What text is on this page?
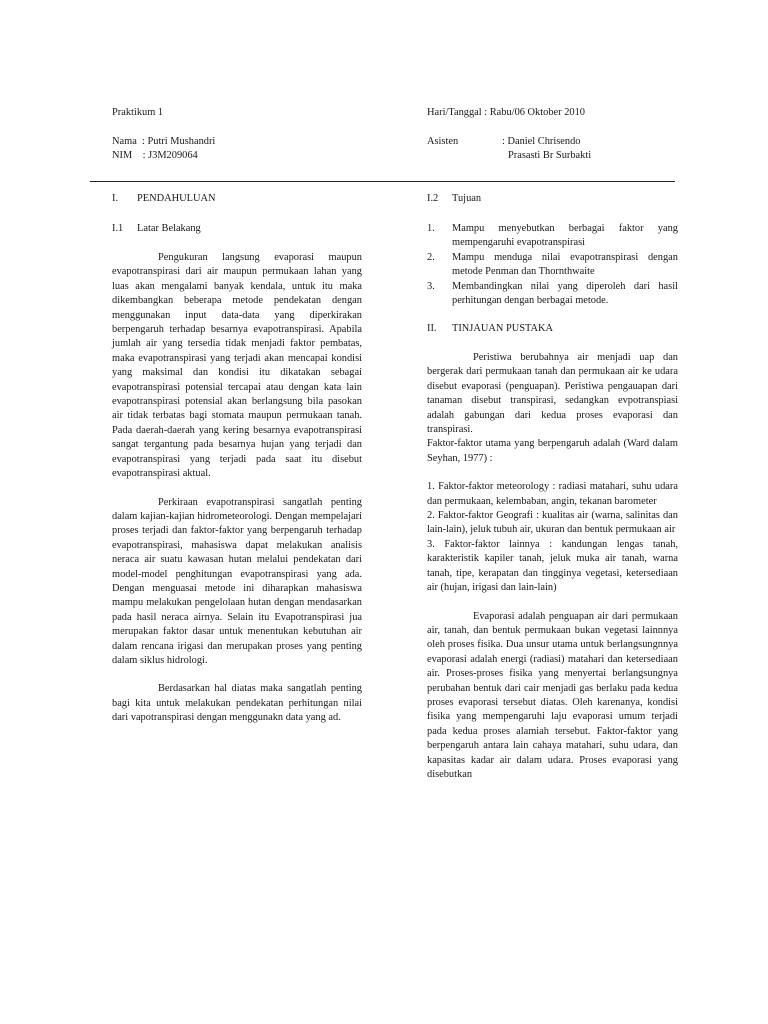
Praktikum 1	Hari/Tanggal : Rabu/06 Oktober 2010
Nama  : Putri Mushandri
NIM    : J3M209064
Asisten	: Daniel Chrisendo
Prasasti Br Surbakti
I. PENDAHULUAN
I.1 Latar Belakang

Pengukuran langsung evaporasi maupun evapotranspirasi dari air maupun permukaan lahan yang luas akan mengalami banyak kendala, untuk itu maka dikembangkan beberapa metode pendekatan dengan menggunakan input data-data yang diperkirakan berpengaruh terhadap besarnya evapotranspirasi. Apabila jumlah air yang tersedia tidak menjadi faktor pembatas, maka evapotranspirasi yang terjadi akan mencapai kondisi yang maksimal dan kondisi itu dikatakan sebagai evapotranspirasi potensial tercapai atau dengan kata lain evapotranspirasi potensial akan berlangsung bila pasokan air tidak terbatas bagi stomata maupun permukaan tanah. Pada daerah-daerah yang kering besarnya evapotranspirasi sangat tergantung pada besarnya hujan yang terjadi dan evapotranspirasi yang terjadi pada saat itu disebut evapotranspirasi aktual.

Perkiraan evapotranspirasi sangatlah penting dalam kajian-kajian hidrometeorologi. Dengan mempelajari proses terjadi dan faktor-faktor yang berpengaruh terhadap evapotranspirasi, mahasiswa dapat melakukan analisis neraca air suatu kawasan hutan melalui pendekatan dari model-model penghitungan evapotranspirasi yang ada. Dengan menguasai metode ini diharapkan mahasiswa mampu melakukan pengelolaan hutan dengan mendasarkan pada hasil neraca airnya. Selain itu Evapotranspirasi jua merupakan faktor dasar untuk menentukan kebutuhan air dalam rencana irigasi dan merupakan proses yang penting dalam siklus hidrologi.

Berdasarkan hal diatas maka sangatlah penting bagi kita untuk melakukan pendekatan perhitungan nilai dari vapotranspirasi dengan menggunakn data yang ad.

I.2 Tujuan
1. Mampu menyebutkan berbagai faktor yang mempengaruhi evapotranspirasi
2. Mampu menduga nilai evapotranspirasi dengan metode Penman dan Thornthwaite
3. Membandingkan nilai yang diperoleh dari hasil perhitungan dengan berbagai metode.
II. TINJAUAN PUSTAKA

Peristiwa berubahnya air menjadi uap dan bergerak dari permukaan tanah dan permukaan air ke udara disebut evaporasi (penguapan). Peristiwa pengauapan dari tanaman disebut transpirasi, sedangkan evpotranspiasi adalah gabungan dari kedua proses evaporasi dan transpirasi.

Faktor-faktor utama yang berpengaruh adalah (Ward dalam Seyhan, 1977) :

1. Faktor-faktor meteorology : radiasi matahari, suhu udara dan permukaan, kelembaban, angin, tekanan barometer

2. Faktor-faktor Geografi : kualitas air (warna, salinitas dan lain-lain), jeluk tubuh air, ukuran dan bentuk permukaan air

3. Faktor-faktor lainnya : kandungan lengas tanah, karakteristik kapiler tanah, jeluk muka air tanah, warna tanah, tipe, kerapatan dan tingginya vegetasi, ketersediaan air (hujan, irigasi dan lain-lain)

Evaporasi adalah penguapan air dari permukaan air, tanah, dan bentuk permukaan bukan vegetasi lainnnya oleh proses fisika. Dua unsur utama untuk berlangsungnnya evaporasi adalah energi (radiasi) matahari dan ketersediaan air. Proses-proses fisika yang menyertai berlangsungnya perubahan bentuk dari cair menjadi gas berlaku pada kedua proses evaporasi tersebut diatas. Oleh karenanya, kondisi fisika yang mempengaruhi laju evaporasi umum terjadi pada kedua proses alamiah tersebut. Faktor-faktor yang berpengaruh antara lain cahaya matahari, suhu udara, dan kapasitas kadar air dalam udara. Proses evaporasi yang disebutkan
